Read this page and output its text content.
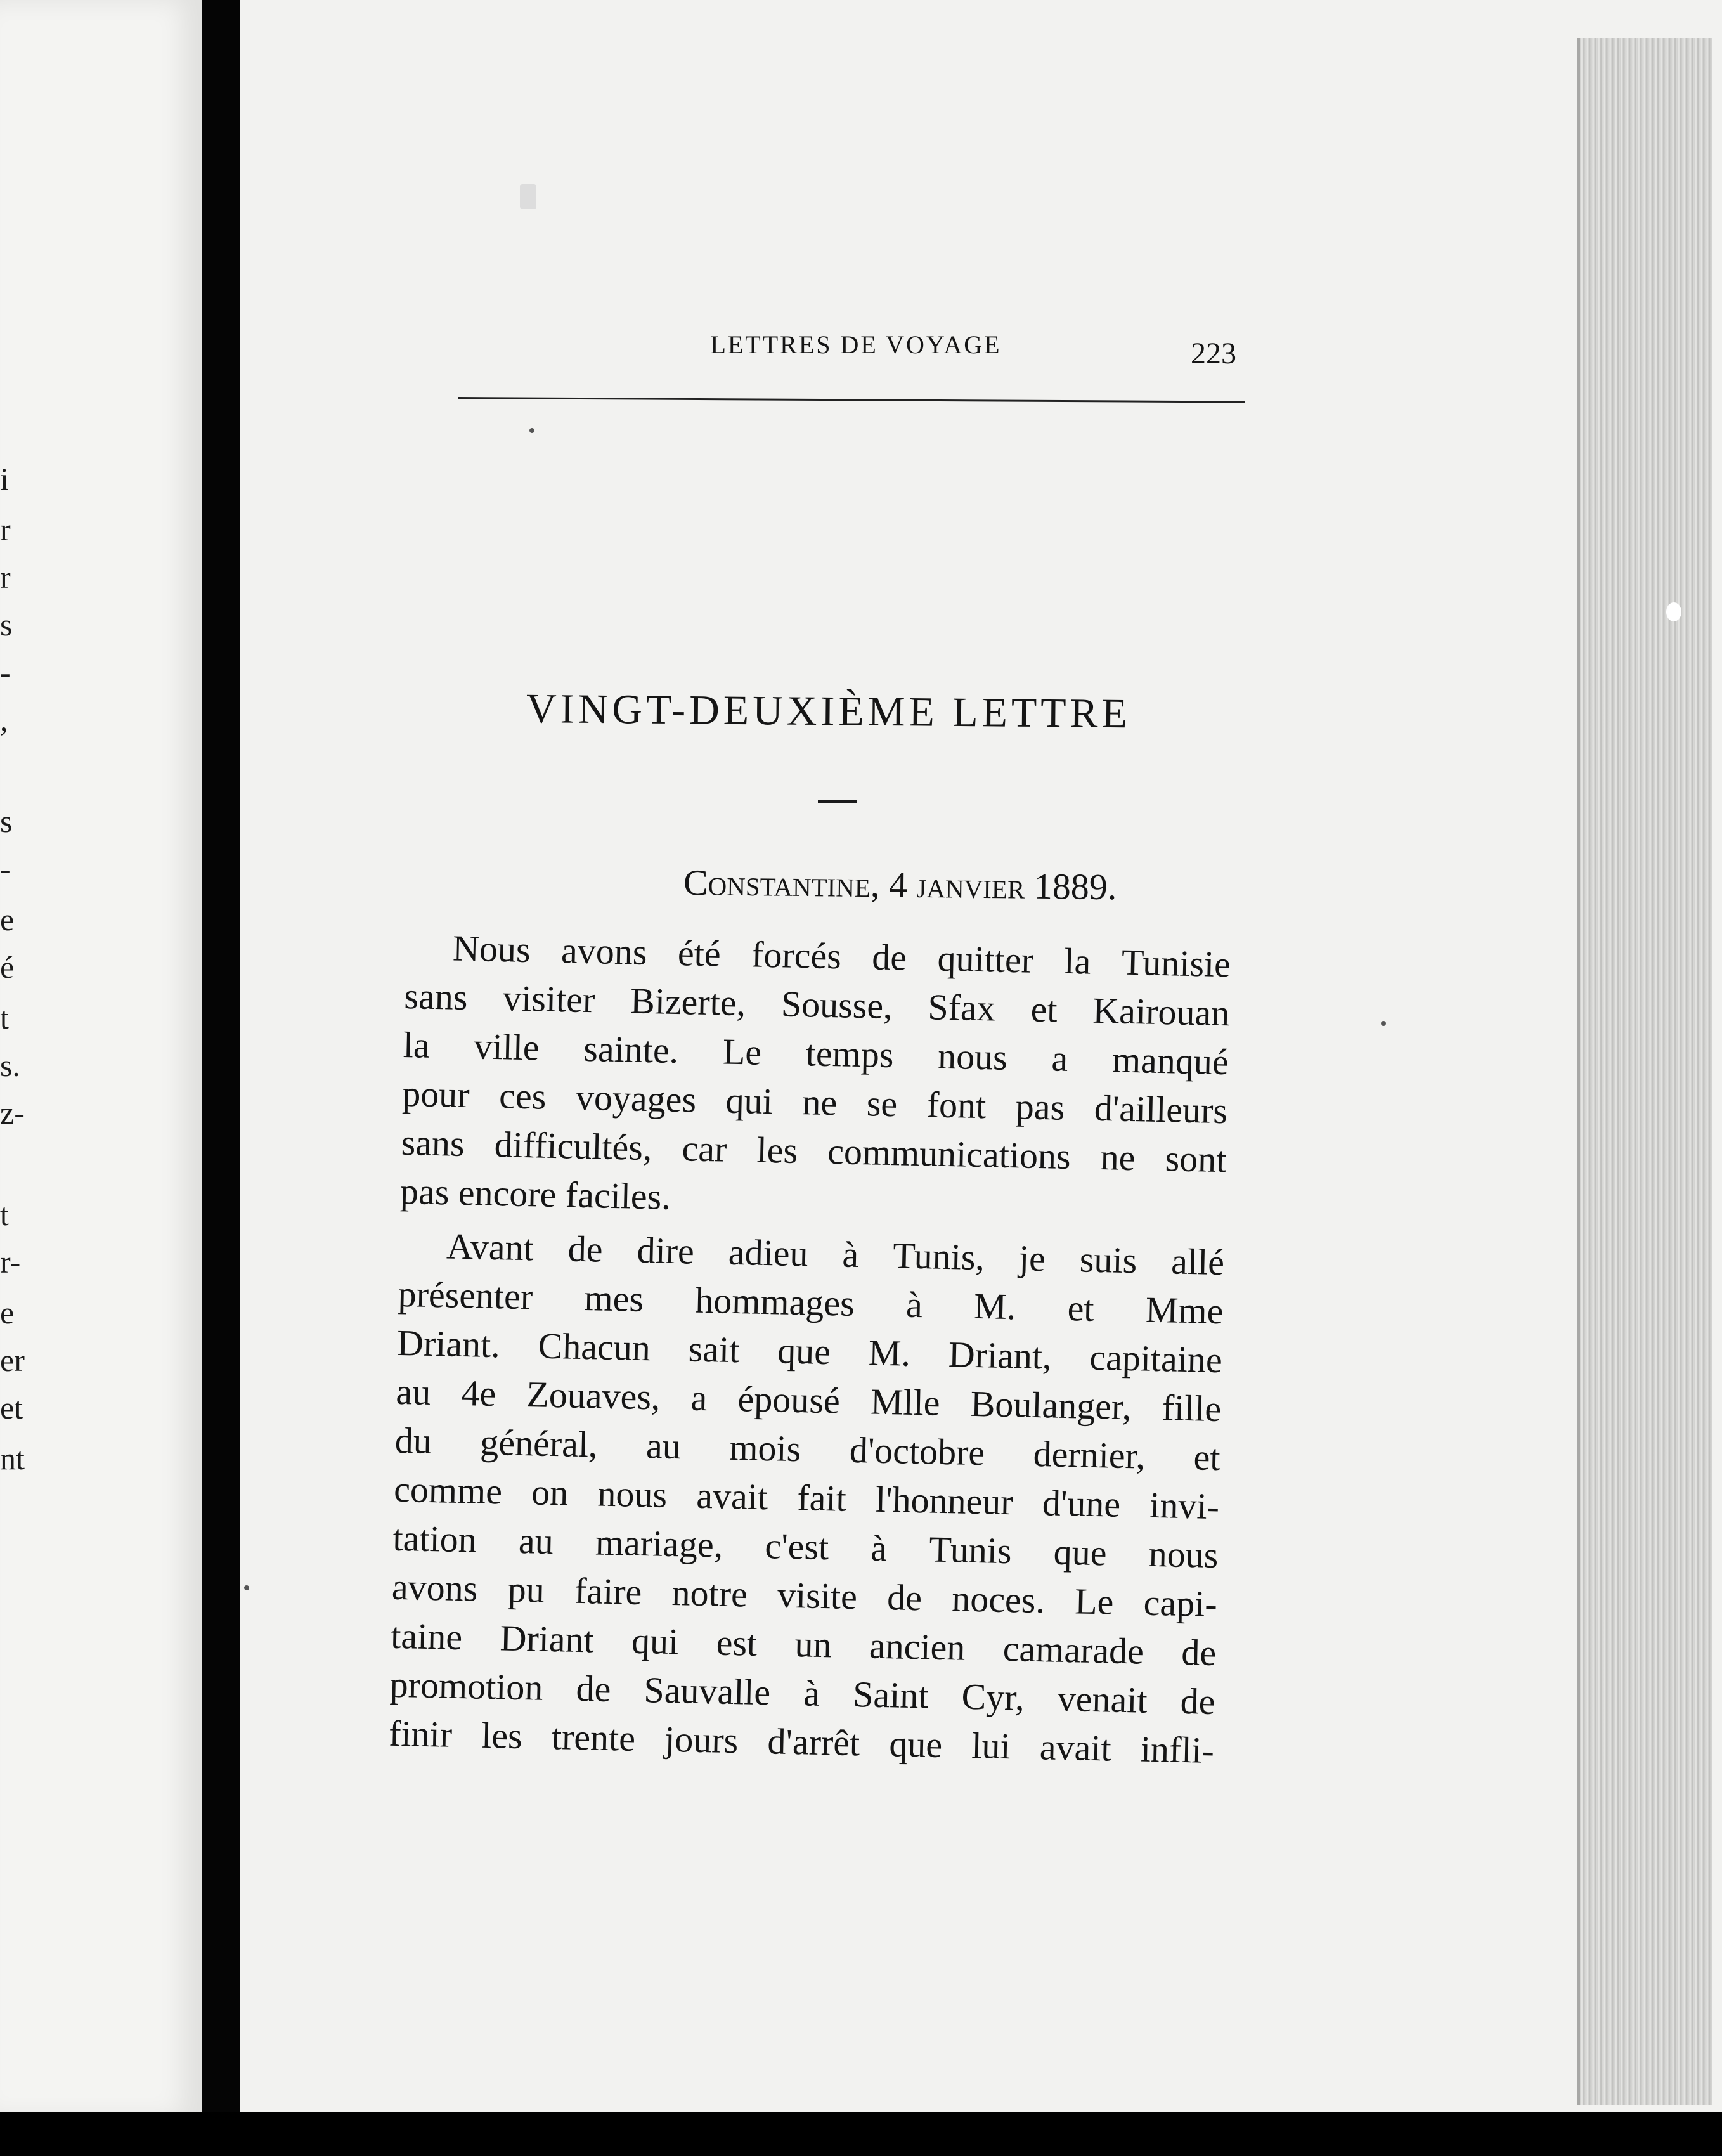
i
r
r
s
-
,
s
-
e
é
t
s.
z-
t
r-
e
er
et
nt
LETTRES DE VOYAGE	223
VINGT-DEUXIÈME LETTRE
Constantine, 4 janvier 1889.
Nous avons été forcés de quitter la Tunisie
sans visiter Bizerte, Sousse, Sfax et Kairouan
la ville sainte. Le temps nous a manqué
pour ces voyages qui ne se font pas d'ailleurs
sans difficultés, car les communications ne sont
pas encore faciles.
Avant de dire adieu à Tunis, je suis allé
présenter mes hommages à M. et Mme
Driant. Chacun sait que M. Driant, capitaine
au 4e Zouaves, a épousé Mlle Boulanger, fille
du général, au mois d'octobre dernier, et
comme on nous avait fait l'honneur d'une invi-
tation au mariage, c'est à Tunis que nous
avons pu faire notre visite de noces. Le capi-
taine Driant qui est un ancien camarade de
promotion de Sauvalle à Saint Cyr, venait de
finir les trente jours d'arrêt que lui avait infli-
